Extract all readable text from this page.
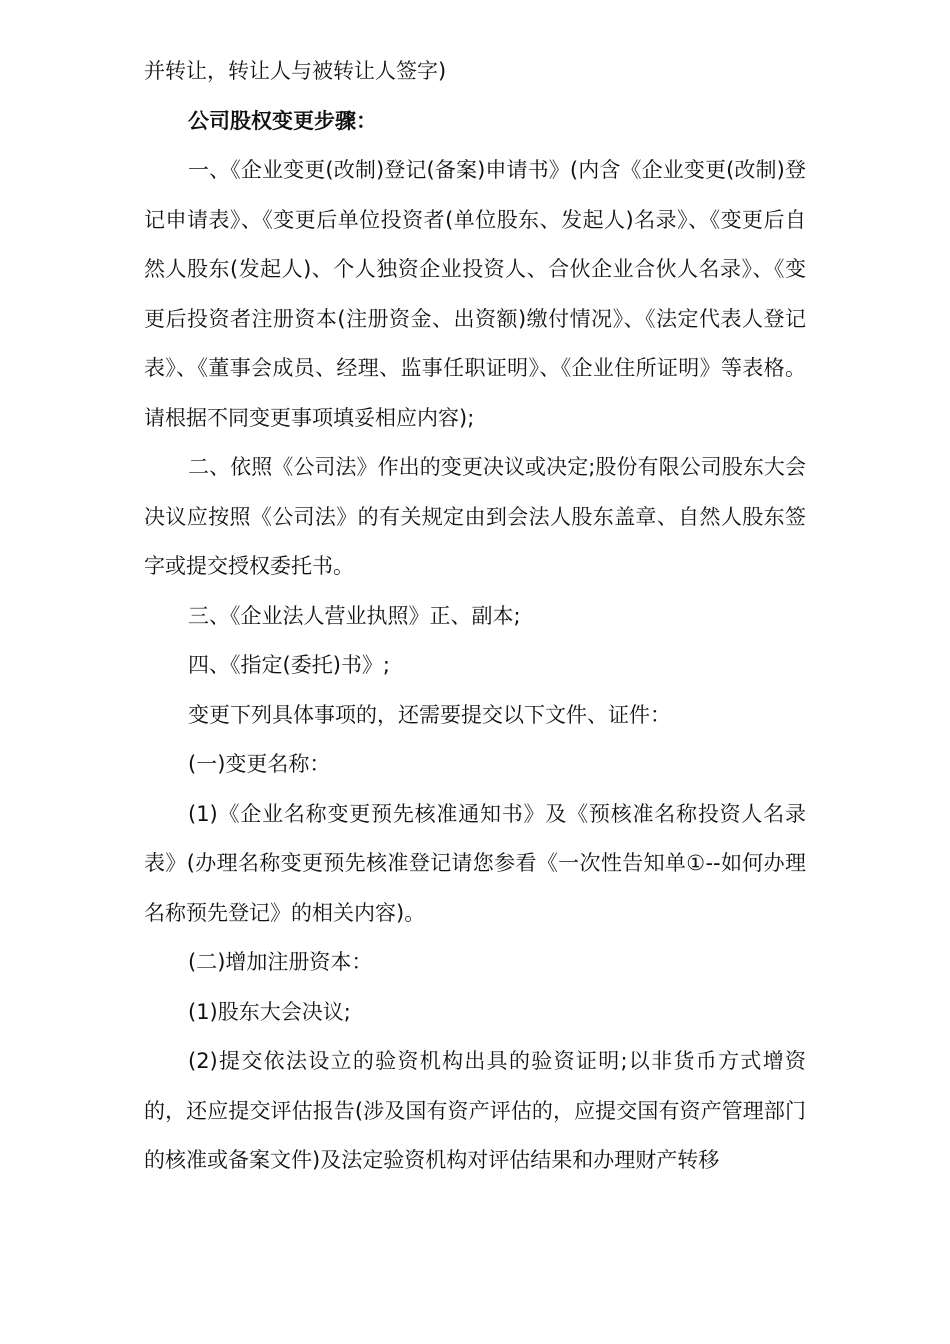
并转让，转让人与被转让人签字)

公司股权变更步骤：

一、《企业变更(改制)登记(备案)申请书》(内含《企业变更(改制)登记申请表》、《变更后单位投资者(单位股东、发起人)名录》、《变更后自然人股东(发起人)、个人独资企业投资人、合伙企业合伙人名录》、《变更后投资者注册资本(注册资金、出资额)缴付情况》、《法定代表人登记表》、《董事会成员、经理、监事任职证明》、《企业住所证明》等表格。请根据不同变更事项填妥相应内容);

二、依照《公司法》作出的变更决议或决定;股份有限公司股东大会决议应按照《公司法》的有关规定由到会法人股东盖章、自然人股东签字或提交授权委托书。

三、《企业法人营业执照》正、副本;

四、《指定(委托)书》;

变更下列具体事项的，还需要提交以下文件、证件：

(一)变更名称：

(1)《企业名称变更预先核准通知书》及《预核准名称投资人名录表》(办理名称变更预先核准登记请您参看《一次性告知单①--如何办理名称预先登记》的相关内容)。

(二)增加注册资本：

(1)股东大会决议;

(2)提交依法设立的验资机构出具的验资证明;以非货币方式增资的，还应提交评估报告(涉及国有资产评估的，应提交国有资产管理部门的核准或备案文件)及法定验资机构对评估结果和办理财产转移
